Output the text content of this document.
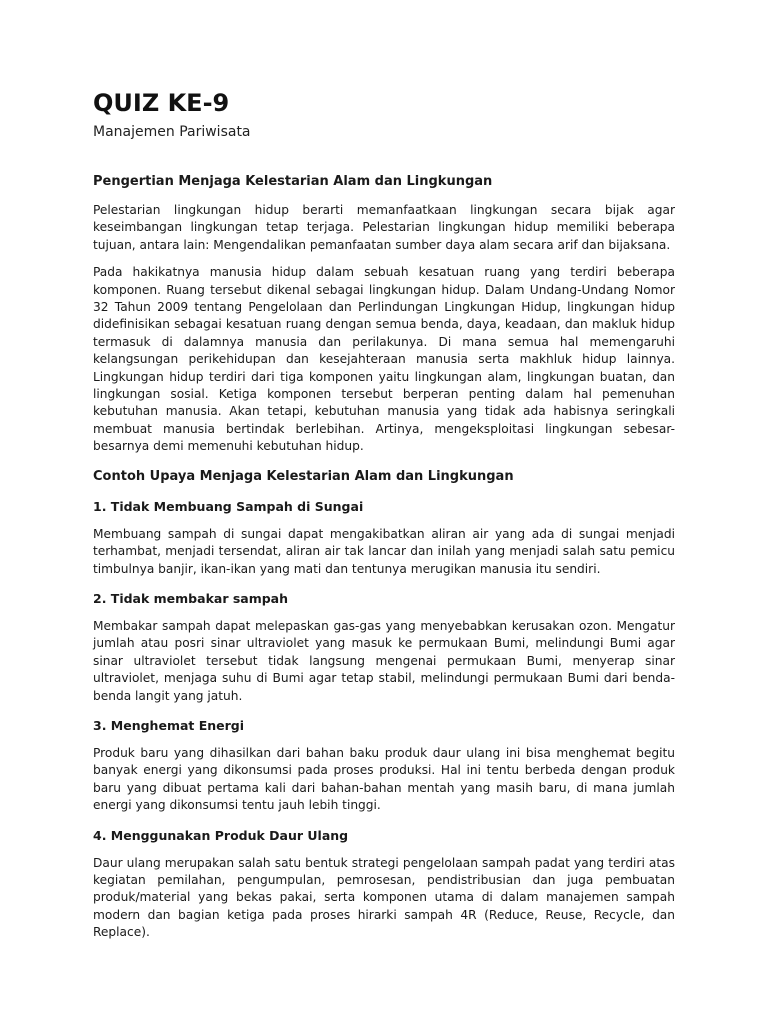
QUIZ KE-9

Manajemen Pariwisata

Pengertian Menjaga Kelestarian Alam dan Lingkungan

Pelestarian lingkungan hidup berarti memanfaatkaan lingkungan secara bijak agar keseimbangan lingkungan tetap terjaga. Pelestarian lingkungan hidup memiliki beberapa tujuan, antara lain: Mengendalikan pemanfaatan sumber daya alam secara arif dan bijaksana.

Pada hakikatnya manusia hidup dalam sebuah kesatuan ruang yang terdiri beberapa komponen. Ruang tersebut dikenal sebagai lingkungan hidup. Dalam Undang-Undang Nomor 32 Tahun 2009 tentang Pengelolaan dan Perlindungan Lingkungan Hidup, lingkungan hidup didefinisikan sebagai kesatuan ruang dengan semua benda, daya, keadaan, dan makluk hidup termasuk di dalamnya manusia dan perilakunya. Di mana semua hal memengaruhi kelangsungan perikehidupan dan kesejahteraan manusia serta makhluk hidup lainnya. Lingkungan hidup terdiri dari tiga komponen yaitu lingkungan alam, lingkungan buatan, dan lingkungan sosial. Ketiga komponen tersebut berperan penting dalam hal pemenuhan kebutuhan manusia. Akan tetapi, kebutuhan manusia yang tidak ada habisnya seringkali membuat manusia bertindak berlebihan. Artinya, mengeksploitasi lingkungan sebesar-besarnya demi memenuhi kebutuhan hidup.

Contoh Upaya Menjaga Kelestarian Alam dan Lingkungan
1. Tidak Membuang Sampah di Sungai

Membuang sampah di sungai dapat mengakibatkan aliran air yang ada di sungai menjadi terhambat, menjadi tersendat, aliran air tak lancar dan inilah yang menjadi salah satu pemicu timbulnya banjir, ikan-ikan yang mati dan tentunya merugikan manusia itu sendiri.

2. Tidak membakar sampah

Membakar sampah dapat melepaskan gas-gas yang menyebabkan kerusakan ozon. Mengatur jumlah atau posri sinar ultraviolet yang masuk ke permukaan Bumi, melindungi Bumi agar sinar ultraviolet tersebut tidak langsung mengenai permukaan Bumi, menyerap sinar ultraviolet, menjaga suhu di Bumi agar tetap stabil, melindungi permukaan Bumi dari benda- benda langit yang jatuh.

3. Menghemat Energi

Produk baru yang dihasilkan dari bahan baku produk daur ulang ini bisa menghemat begitu banyak energi yang dikonsumsi pada proses produksi. Hal ini tentu berbeda dengan produk baru yang dibuat pertama kali dari bahan-bahan mentah yang masih baru, di mana jumlah energi yang dikonsumsi tentu jauh lebih tinggi.

4. Menggunakan Produk Daur Ulang

Daur ulang merupakan salah satu bentuk strategi pengelolaan sampah padat yang terdiri atas kegiatan pemilahan, pengumpulan, pemrosesan, pendistribusian dan juga pembuatan produk/material yang bekas pakai, serta komponen utama di dalam manajemen sampah modern dan bagian ketiga pada proses hirarki sampah 4R (Reduce, Reuse, Recycle, dan Replace).
